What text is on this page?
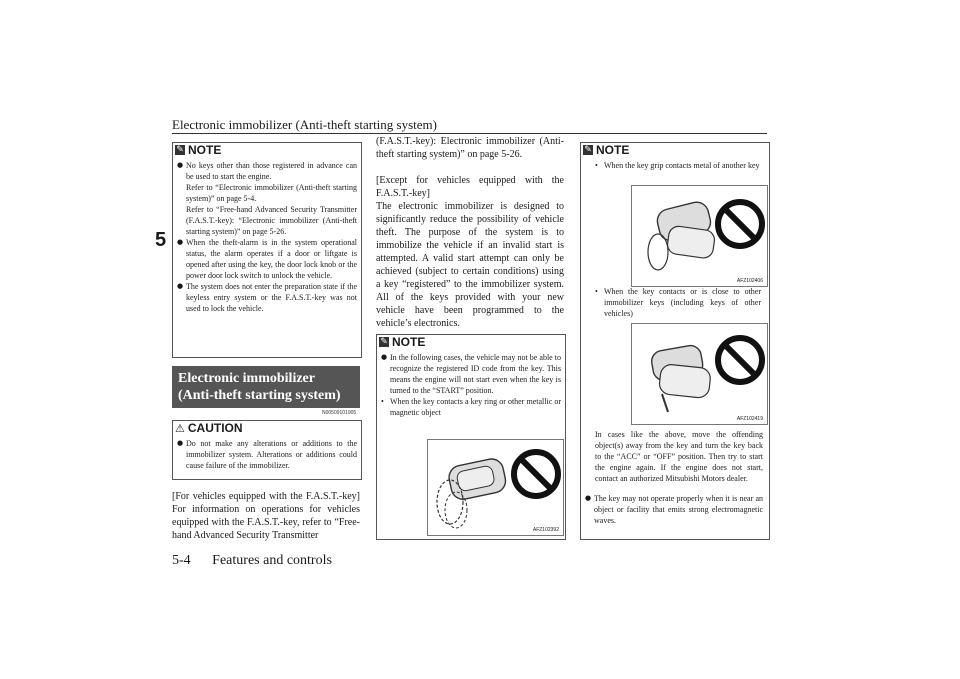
Electronic immobilizer (Anti-theft starting system)
5
✎ NOTE
● No keys other than those registered in advance can be used to start the engine.
Refer to “Electronic immobilizer (Anti-theft starting system)” on page 5-4.
Refer to “Free-hand Advanced Security Transmitter (F.A.S.T.-key): “Electronic immobilizer (Anti-theft starting system)” on page 5-26.
● When the theft-alarm is in the system operational status, the alarm operates if a door or liftgate is opened after using the key, the door lock knob or the power door lock switch to unlock the vehicle.
● The system does not enter the preparation state if the keyless entry system or the F.A.S.T.-key was not used to lock the vehicle.
Electronic immobilizer
(Anti-theft starting system)
N00509101905
⚠ CAUTION
● Do not make any alterations or additions to the immobilizer system. Alterations or additions could cause failure of the immobilizer.
[For vehicles equipped with the F.A.S.T.-key] For information on operations for vehicles equipped with the F.A.S.T.-key, refer to “Free-hand Advanced Security Transmitter
(F.A.S.T.-key): Electronic immobilizer (Anti-theft starting system)” on page 5-26.
[Except for vehicles equipped with the F.A.S.T.-key]
The electronic immobilizer is designed to significantly reduce the possibility of vehicle theft. The purpose of the system is to immobilize the vehicle if an invalid start is attempted. A valid start attempt can only be achieved (subject to certain conditions) using a key “registered” to the immobilizer system. All of the keys provided with your new vehicle have been programmed to the vehicle’s electronics.
✎ NOTE
● In the following cases, the vehicle may not be able to recognize the registered ID code from the key. This means the engine will not start even when the key is turned to the “START” position.
• When the key contacts a key ring or other metallic or magnetic object
AFZ102392
✎ NOTE
• When the key grip contacts metal of another key
AFZ102406
• When the key contacts or is close to other immobilizer keys (including keys of other vehicles)
AFZ102419
In cases like the above, move the offending object(s) away from the key and turn the key back to the “ACC” or “OFF” position. Then try to start the engine again. If the engine does not start, contact an authorized Mitsubishi Motors dealer.
● The key may not operate properly when it is near an object or facility that emits strong electromagnetic waves.
5-4 Features and controls
